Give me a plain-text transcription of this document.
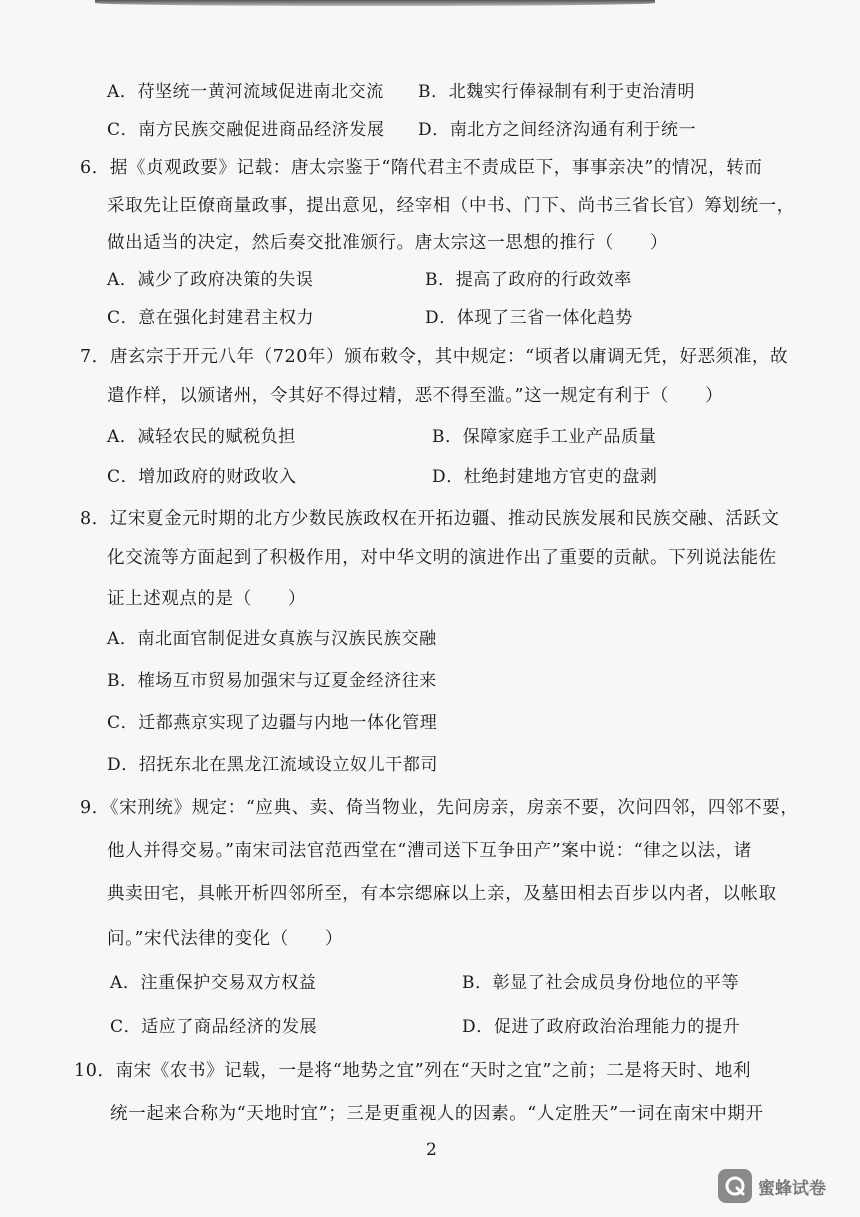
A．苻坚统一黄河流域促进南北交流 B．北魏实行俸禄制有利于吏治清明
C．南方民族交融促进商品经济发展 D．南北方之间经济沟通有利于统一
6．据《贞观政要》记载：唐太宗鉴于“隋代君主不责成臣下，事事亲决”的情况，转而
采取先让臣僚商量政事，提出意见，经宰相（中书、门下、尚书三省长官）筹划统一，
做出适当的决定，然后奏交批准颁行。唐太宗这一思想的推行（　　）
A．减少了政府决策的失误	B．提高了政府的行政效率
C．意在强化封建君主权力	D．体现了三省一体化趋势
7．唐玄宗于开元八年（720年）颁布敕令，其中规定：“顷者以庸调无凭，好恶须准，故
遣作样，以颁诸州，令其好不得过精，恶不得至滥。”这一规定有利于（　　）
A．减轻农民的赋税负担	B．保障家庭手工业产品质量
C．增加政府的财政收入	D．杜绝封建地方官吏的盘剥
8．辽宋夏金元时期的北方少数民族政权在开拓边疆、推动民族发展和民族交融、活跃文
化交流等方面起到了积极作用，对中华文明的演进作出了重要的贡献。下列说法能佐
证上述观点的是（　　）
A．南北面官制促进女真族与汉族民族交融
B．榷场互市贸易加强宋与辽夏金经济往来
C．迁都燕京实现了边疆与内地一体化管理
D．招抚东北在黑龙江流域设立奴儿干都司
9．《宋刑统》规定：“应典、卖、倚当物业，先问房亲，房亲不要，次问四邻，四邻不要，
他人并得交易。”南宋司法官范西堂在“漕司送下互争田产”案中说：“律之以法，诸
典卖田宅，具帐开析四邻所至，有本宗缌麻以上亲，及墓田相去百步以内者，以帐取
问。”宋代法律的变化（　　）
A．注重保护交易双方权益	B．彰显了社会成员身份地位的平等
C．适应了商品经济的发展	D．促进了政府政治治理能力的提升
10．南宋《农书》记载，一是将“地势之宜”列在“天时之宜”之前；二是将天时、地利
统一起来合称为“天地时宜”；三是更重视人的因素。“人定胜天”一词在南宋中期开
2
蜜蜂试卷
